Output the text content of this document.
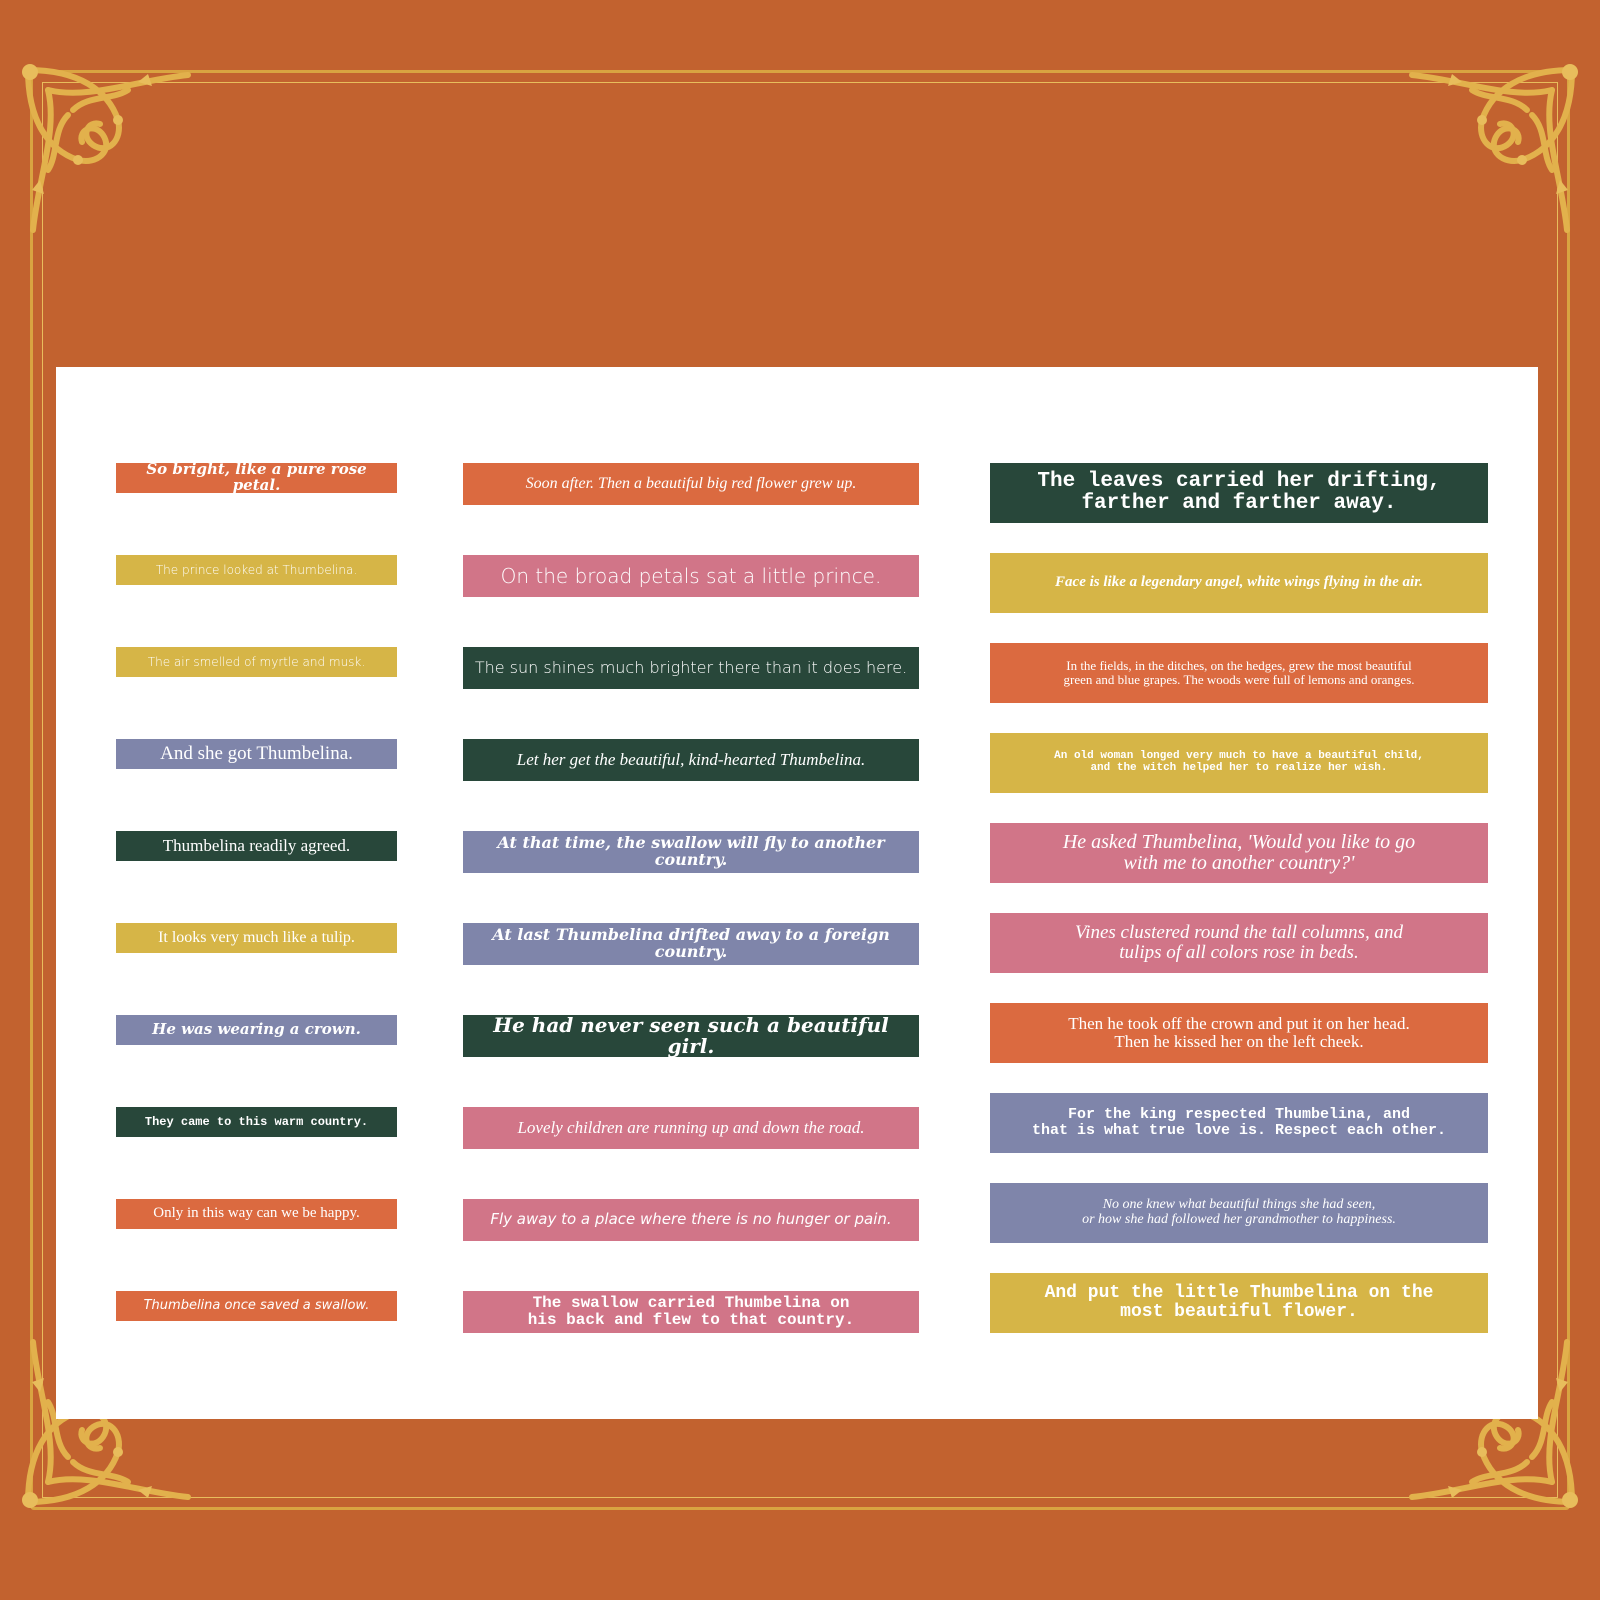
So bright, like a pure rose petal.
The prince looked at Thumbelina.
The air smelled of myrtle and musk.
And she got Thumbelina.
Thumbelina readily agreed.
It looks very much like a tulip.
He was wearing a crown.
They came to this warm country.
Only in this way can we be happy.
Thumbelina once saved a swallow.
Soon after. Then a beautiful big red flower grew up.
On the broad petals sat a little prince.
The sun shines much brighter there than it does here.
Let her get the beautiful, kind-hearted Thumbelina.
At that time, the swallow will fly to another country.
At last Thumbelina drifted away to a foreign country.
He had never seen such a beautiful girl.
Lovely children are running up and down the road.
Fly away to a place where there is no hunger or pain.
The swallow carried Thumbelina on
his back and flew to that country.
The leaves carried her drifting,
farther and farther away.
Face is like a legendary angel, white wings flying in the air.
In the fields, in the ditches, on the hedges, grew the most beautiful
green and blue grapes. The woods were full of lemons and oranges.
An old woman longed very much to have a beautiful child,
and the witch helped her to realize her wish.
He asked Thumbelina, 'Would you like to go
with me to another country?'
Vines clustered round the tall columns, and
tulips of all colors rose in beds.
Then he took off the crown and put it on her head.
Then he kissed her on the left cheek.
For the king respected Thumbelina, and
that is what true love is. Respect each other.
No one knew what beautiful things she had seen,
or how she had followed her grandmother to happiness.
And put the little Thumbelina on the
most beautiful flower.
